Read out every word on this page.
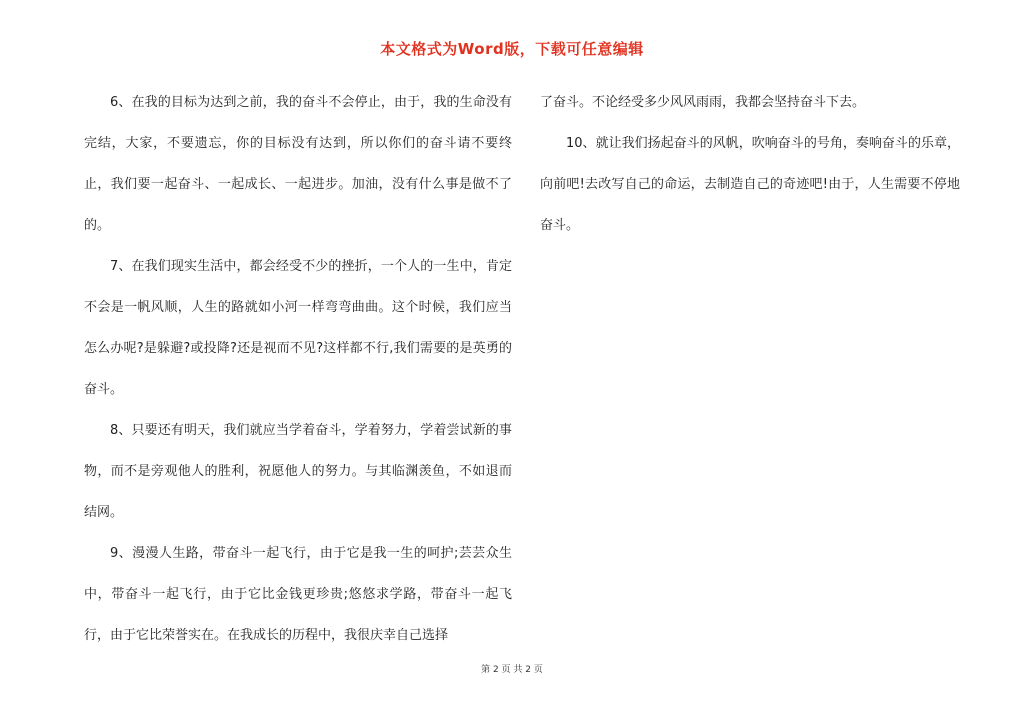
本文格式为Word版，下载可任意编辑

6、在我的目标为达到之前，我的奋斗不会停止，由于，我的生命没有完结，大家，不要遗忘，你的目标没有达到，所以你们的奋斗请不要终止，我们要一起奋斗、一起成长、一起进步。加油，没有什么事是做不了的。

7、在我们现实生活中，都会经受不少的挫折，一个人的一生中，肯定不会是一帆风顺，人生的路就如小河一样弯弯曲曲。这个时候，我们应当怎么办呢?是躲避?或投降?还是视而不见?这样都不行,我们需要的是英勇的奋斗。

8、只要还有明天，我们就应当学着奋斗，学着努力，学着尝试新的事物，而不是旁观他人的胜利，祝愿他人的努力。与其临渊羡鱼，不如退而结网。

9、漫漫人生路，带奋斗一起飞行，由于它是我一生的呵护;芸芸众生中，带奋斗一起飞行，由于它比金钱更珍贵;悠悠求学路，带奋斗一起飞行，由于它比荣誉实在。在我成长的历程中，我很庆幸自己选择

了奋斗。不论经受多少风风雨雨，我都会坚持奋斗下去。

10、就让我们扬起奋斗的风帆，吹响奋斗的号角，奏响奋斗的乐章，向前吧!去改写自己的命运，去制造自己的奇迹吧!由于，人生需要不停地奋斗。

第 2 页 共 2 页
